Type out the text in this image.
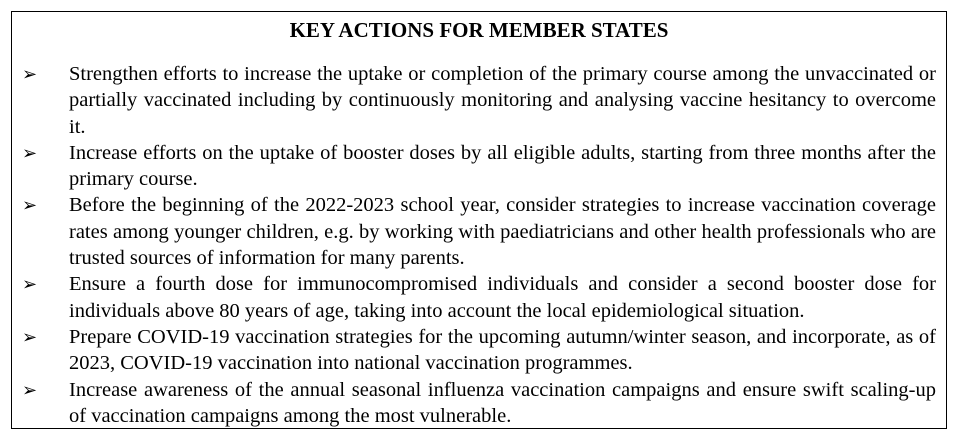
KEY ACTIONS FOR MEMBER STATES
➢ Strengthen efforts to increase the uptake or completion of the primary course among the unvaccinated or partially vaccinated including by continuously monitoring and analysing vaccine hesitancy to overcome it.
➢ Increase efforts on the uptake of booster doses by all eligible adults, starting from three months after the primary course.
➢ Before the beginning of the 2022-2023 school year, consider strategies to increase vaccination coverage rates among younger children, e.g. by working with paediatricians and other health professionals who are trusted sources of information for many parents.
➢ Ensure a fourth dose for immunocompromised individuals and consider a second booster dose for individuals above 80 years of age, taking into account the local epidemiological situation.
➢ Prepare COVID-19 vaccination strategies for the upcoming autumn/winter season, and incorporate, as of 2023, COVID-19 vaccination into national vaccination programmes.
➢ Increase awareness of the annual seasonal influenza vaccination campaigns and ensure swift scaling-up of vaccination campaigns among the most vulnerable.
